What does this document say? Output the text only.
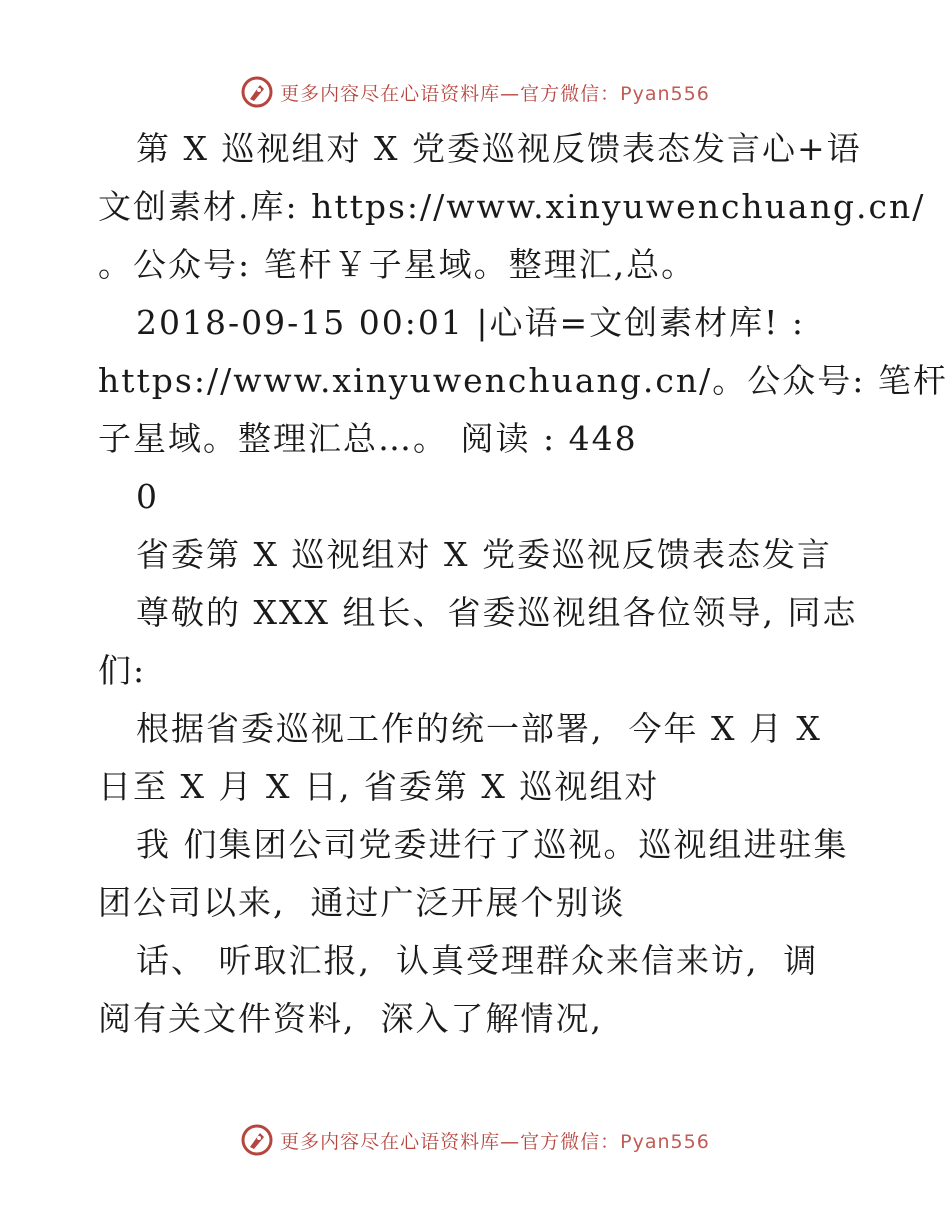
更多内容尽在心语资料库—官方微信：Pyan556
第 X 巡视组对 X 党委巡视反馈表态发言心+语
文创素材.库: https://www.xinyuwenchuang.cn/
。公众号: 笔杆￥子星域。整理汇,总。
2018-09-15 00:01 |心语=文创素材库! :
https://www.xinyuwenchuang.cn/。公众号: 笔杆
子星域。整理汇总…。 阅读 : 448
0
省委第 X 巡视组对 X 党委巡视反馈表态发言
尊敬的 XXX 组长、省委巡视组各位领导, 同志
们:
根据省委巡视工作的统一部署,  今年 X 月 X
日至 X 月 X 日, 省委第 X 巡视组对
我 们集团公司党委进行了巡视。巡视组进驻集
团公司以来,  通过广泛开展个别谈
话、 听取汇报,  认真受理群众来信来访,  调
阅有关文件资料,  深入了解情况,
更多内容尽在心语资料库—官方微信：Pyan556
